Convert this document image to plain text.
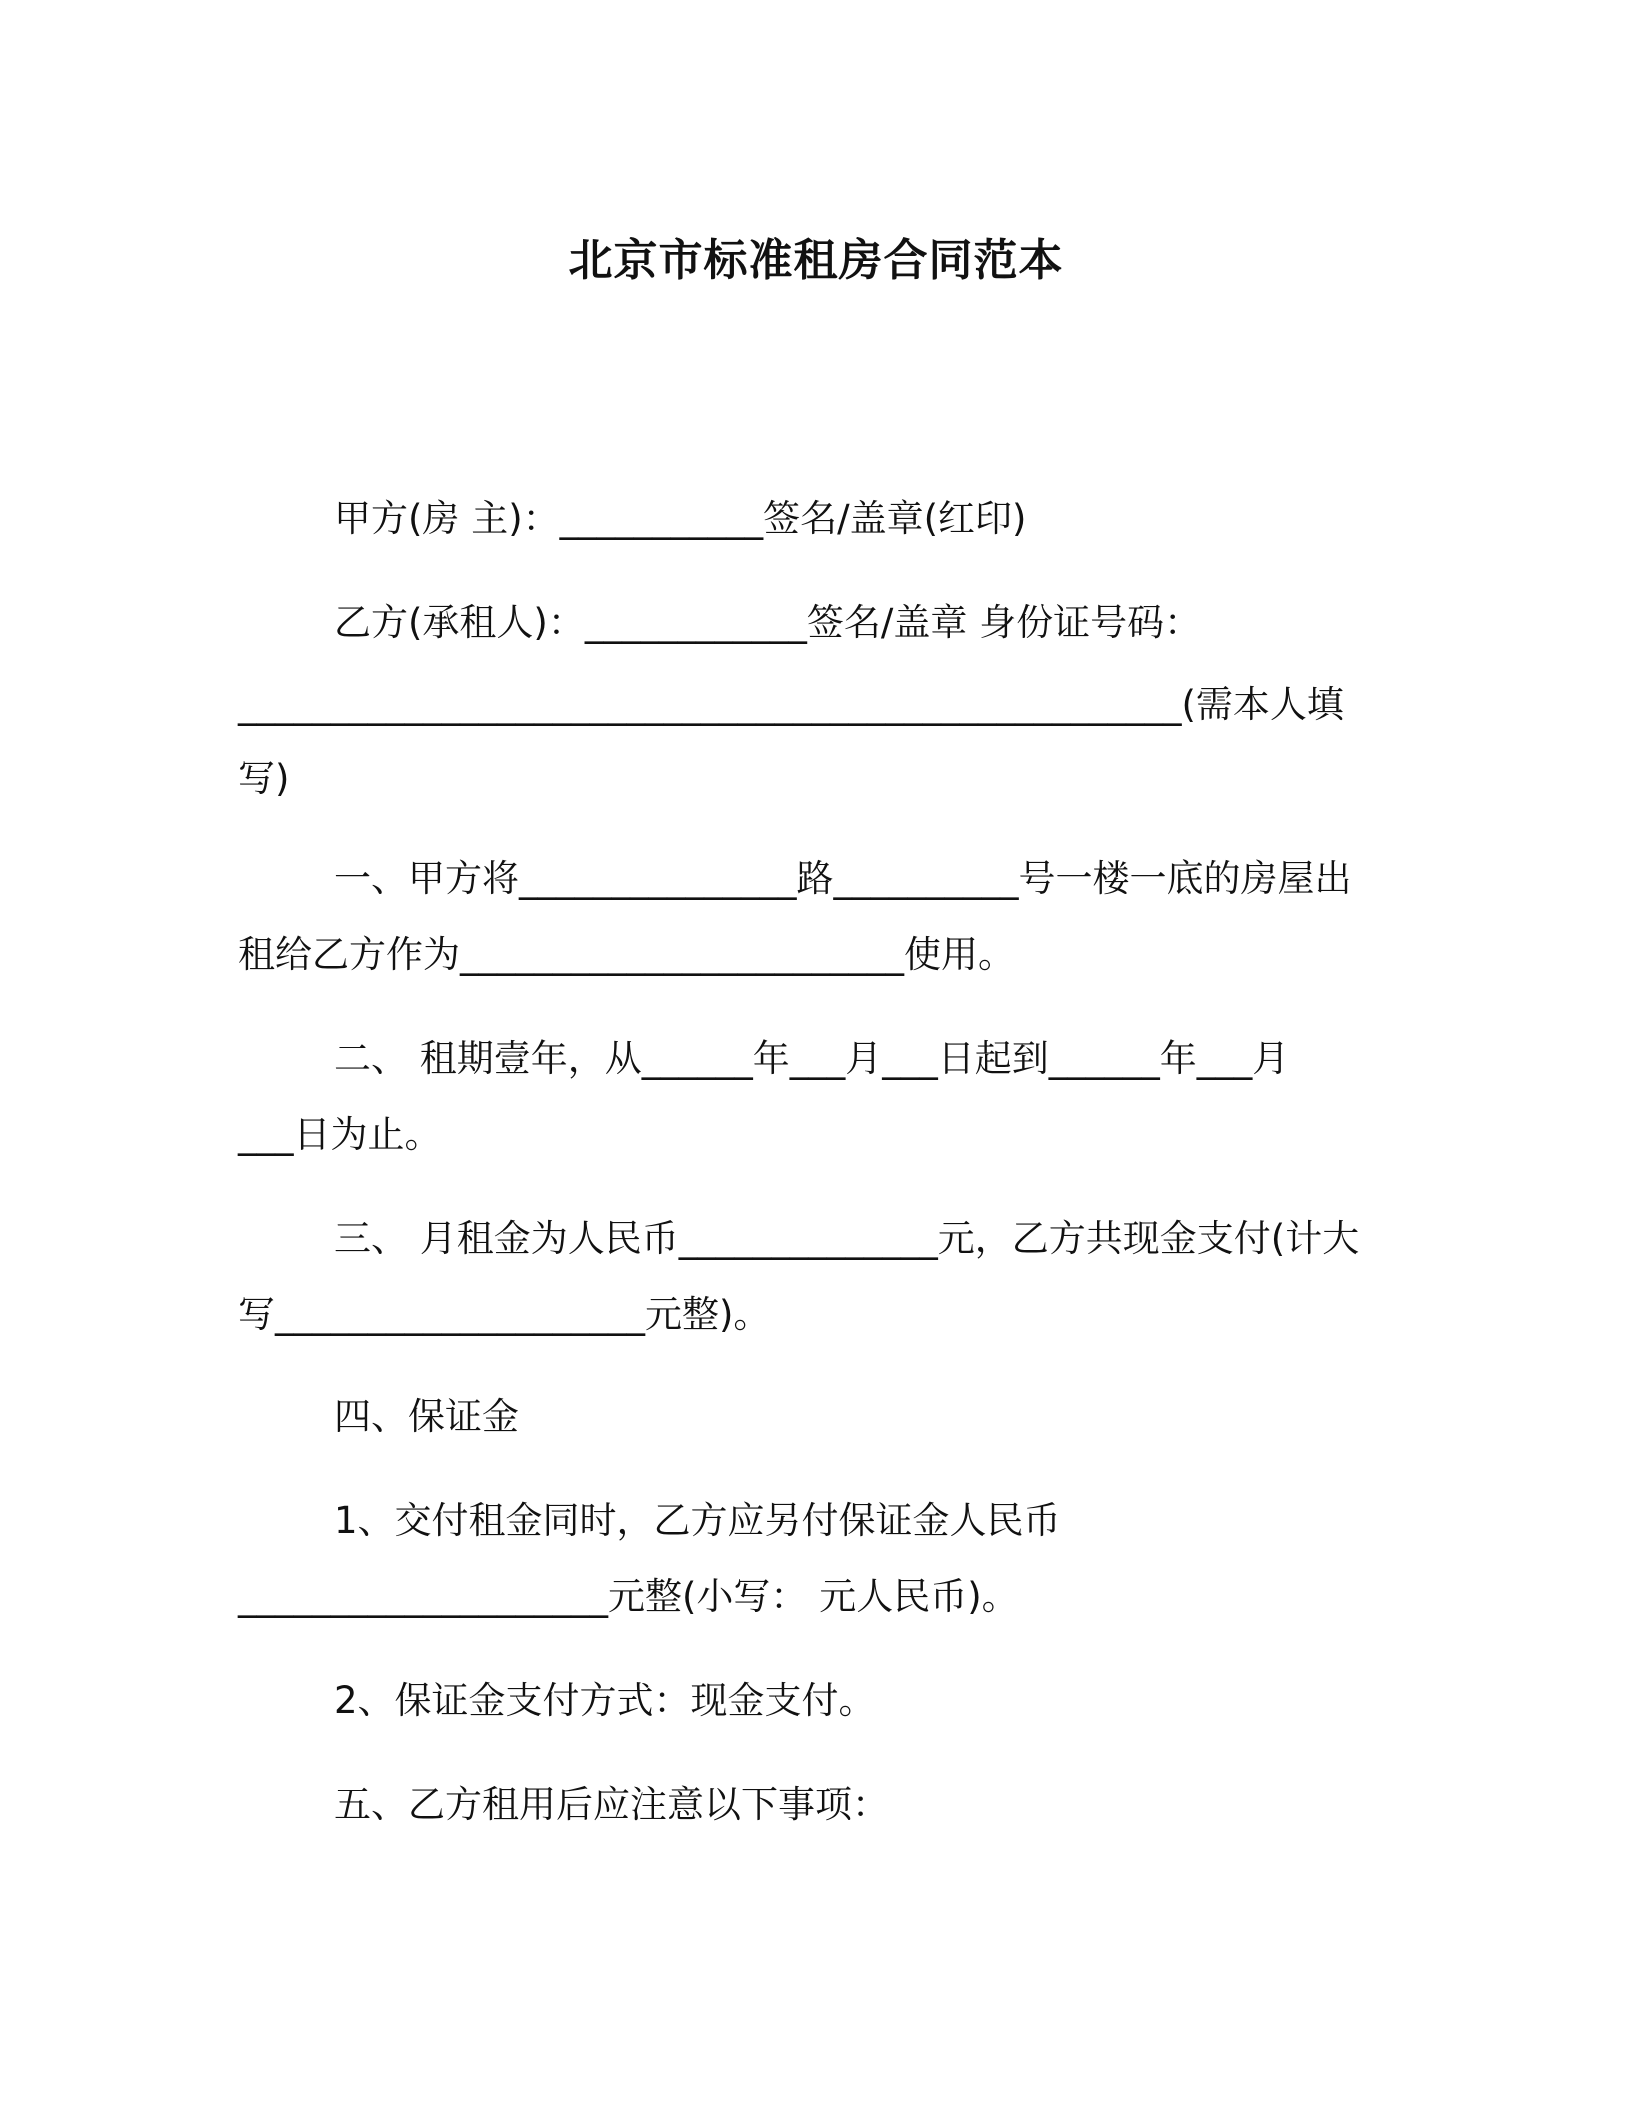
北京市标准租房合同范本
甲方(房 主)：___________签名/盖章(红印)
乙方(承租人)：____________签名/盖章 身份证号码：
___________________________________________________(需本人填
写)
一、甲方将_______________路__________号一楼一底的房屋出
租给乙方作为________________________使用。
二、 租期壹年，从______年___月___日起到______年___月
___日为止。
三、 月租金为人民币______________元，乙方共现金支付(计大
写____________________元整)。
四、保证金
1、交付租金同时，乙方应另付保证金人民币
____________________元整(小写： 元人民币)。
2、保证金支付方式：现金支付。
五、乙方租用后应注意以下事项：
